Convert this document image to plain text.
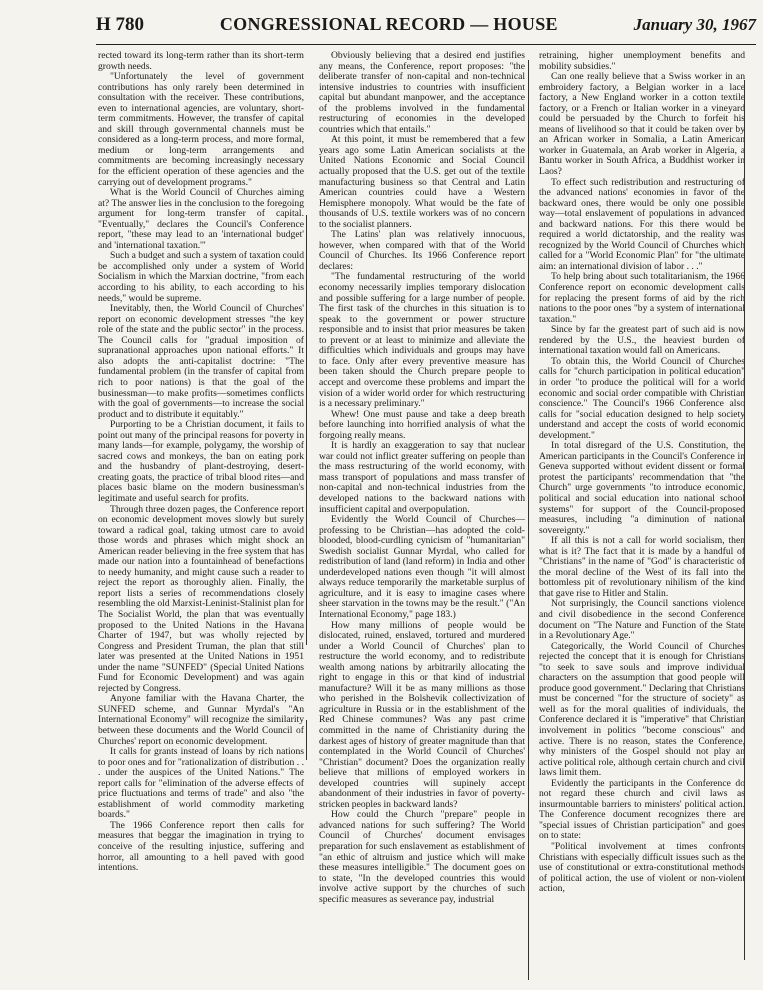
H 780	CONGRESSIONAL RECORD — HOUSE	January 30, 1967

rected toward its long-term rather than its short-term growth needs.

"Unfortunately the level of government contributions has only rarely been determined in consultation with the receiver. These contributions, even to international agencies, are voluntary, short-term commitments. However, the transfer of capital and skill through governmental channels must be considered as a long-term process, and more formal, medium or long-term arrangements and commitments are becoming increasingly necessary for the efficient operation of these agencies and the carrying out of development programs."

What is the World Council of Churches aiming at? The answer lies in the conclusion to the foregoing argument for long-term transfer of capital. "Eventually," declares the Council's Conference report, "these may lead to an 'international budget' and 'international taxation.'"

Such a budget and such a system of taxation could be accomplished only under a system of World Socialism in which the Marxian doctrine, "from each according to his ability, to each according to his needs," would be supreme.

Inevitably, then, the World Council of Churches' report on economic development stresses "the key role of the state and the public sector" in the process. The Council calls for "gradual imposition of supranational approaches upon national efforts." It also adopts the anti-capitalist doctrine: "The fundamental problem (in the transfer of capital from rich to poor nations) is that the goal of the businessman—to make profits—sometimes conflicts with the goal of governments—to increase the social product and to distribute it equitably."

Purporting to be a Christian document, it fails to point out many of the principal reasons for poverty in many lands—for example, polygamy, the worship of sacred cows and monkeys, the ban on eating pork and the husbandry of plant-destroying, desert-creating goats, the practice of tribal blood rites—and places basic blame on the modern businessman's legitimate and useful search for profits.

Through three dozen pages, the Conference report on economic development moves slowly but surely toward a radical goal, taking utmost care to avoid those words and phrases which might shock an American reader believing in the free system that has made our nation into a fountainhead of benefactions to needy humanity, and might cause such a reader to reject the report as thoroughly alien. Finally, the report lists a series of recommendations closely resembling the old Marxist-Leninist-Stalinist plan for The Socialist World, the plan that was eventually proposed to the United Nations in the Havana Charter of 1947, but was wholly rejected by Congress and President Truman, the plan that still later was presented at the United Nations in 1951 under the name "SUNFED" (Special United Nations Fund for Economic Development) and was again rejected by Congress.

Anyone familiar with the Havana Charter, the SUNFED scheme, and Gunnar Myrdal's "An International Economy" will recognize the similarity between these documents and the World Council of Churches' report on economic development.

It calls for grants instead of loans by rich nations to poor ones and for "rationalization of distribution . . . under the auspices of the United Nations." The report calls for "elimination of the adverse effects of price fluctuations and terms of trade" and also "the establishment of world commodity marketing boards."

The 1966 Conference report then calls for measures that beggar the imagination in trying to conceive of the resulting injustice, suffering and horror, all amounting to a hell paved with good intentions.

Obviously believing that a desired end justifies any means, the Conference, report proposes: "the deliberate transfer of non-capital and non-technical intensive industries to countries with insufficient capital but abundant manpower, and the acceptance of the problems involved in the fundamental restructuring of economies in the developed countries which that entails."

At this point, it must be remembered that a few years ago some Latin American socialists at the United Nations Economic and Social Council actually proposed that the U.S. get out of the textile manufacturing business so that Central and Latin American countries could have a Western Hemisphere monopoly. What would be the fate of thousands of U.S. textile workers was of no concern to the socialist planners.

The Latins' plan was relatively innocuous, however, when compared with that of the World Council of Churches. Its 1966 Conference report declares:

"The fundamental restructuring of the world economy necessarily implies temporary dislocation and possible suffering for a large number of people. The first task of the churches in this situation is to speak to the government or power structure responsible and to insist that prior measures be taken to prevent or at least to minimize and alleviate the difficulties which individuals and groups may have to face. Only after every preventive measure has been taken should the Church prepare people to accept and overcome these problems and impart the vision of a wider world order for which restructuring is a necessary preliminary."

Whew! One must pause and take a deep breath before launching into horrified analysis of what the forgoing really means.

It is hardly an exaggeration to say that nuclear war could not inflict greater suffering on people than the mass restructuring of the world economy, with mass transport of populations and mass transfer of non-capital and non-technical industries from the developed nations to the backward nations with insufficient capital and overpopulation.

Evidently the World Council of Churches—professing to be Christian—has adopted the cold-blooded, blood-curdling cynicism of "humanitarian" Swedish socialist Gunnar Myrdal, who called for redistribution of land (land reform) in India and other underdeveloped nations even though "it will almost always reduce temporarily the marketable surplus of agriculture, and it is easy to imagine cases where sheer starvation in the towns may be the result." ("An International Economy," page 183.)

How many millions of people would be dislocated, ruined, enslaved, tortured and murdered under a World Council of Churches' plan to restructure the world economy, and to redistribute wealth among nations by arbitrarily allocating the right to engage in this or that kind of industrial manufacture? Will it be as many millions as those who perished in the Bolshevik collectivization of agriculture in Russia or in the establishment of the Red Chinese communes? Was any past crime committed in the name of Christianity during the darkest ages of history of greater magnitude than that contemplated in the World Council of Churches' "Christian" document? Does the organization really believe that millions of employed workers in developed countries will supinely accept abandonment of their industries in favor of poverty-stricken peoples in backward lands?

How could the Church "prepare" people in advanced nations for such suffering? The World Council of Churches' document envisages preparation for such enslavement as establishment of "an ethic of altruism and justice which will make these measures intelligible." The document goes on to state, "In the developed countries this would involve active support by the churches of such specific measures as severance pay, industrial

retraining, higher unemployment benefits and mobility subsidies."

Can one really believe that a Swiss worker in an embroidery factory, a Belgian worker in a lace factory, a New England worker in a cotton textile factory, or a French or Italian worker in a vineyard could be persuaded by the Church to forfeit his means of livelihood so that it could be taken over by an African worker in Somalia, a Latin American worker in Guatemala, an Arab worker in Algeria, a Bantu worker in South Africa, a Buddhist worker in Laos?

To effect such redistribution and restructuring of the advanced nations' economies in favor of the backward ones, there would be only one possible way—total enslavement of populations in advanced and backward nations. For this there would be required a world dictatorship, and the reality was recognized by the World Council of Churches which called for a "World Economic Plan" for "the ultimate aim: an international division of labor . . ."

To help bring about such totalitarianism, the 1966 Conference report on economic development calls for replacing the present forms of aid by the rich nations to the poor ones "by a system of international taxation."

Since by far the greatest part of such aid is now rendered by the U.S., the heaviest burden of international taxation would fall on Americans.

To obtain this, the World Council of Churches calls for "church participation in political education" in order "to produce the political will for a world economic and social order compatible with Christian conscience." The Council's 1966 Conference also calls for "social education designed to help society understand and accept the costs of world economic development."

In total disregard of the U.S. Constitution, the American participants in the Council's Conference in Geneva supported without evident dissent or formal protest the participants' recommendation that "the Church" urge governments "to introduce economic, political and social education into national school systems" for support of the Council-proposed measures, including "a diminution of national sovereignty."

If all this is not a call for world socialism, then what is it? The fact that it is made by a handful of "Christians" in the name of "God" is characteristic of the moral decline of the West of its fall into the bottomless pit of revolutionary nihilism of the kind that gave rise to Hitler and Stalin.

Not surprisingly, the Council sanctions violence and civil disobedience in the second Conference document on "The Nature and Function of the State in a Revolutionary Age."

Categorically, the World Council of Churches rejected the concept that it is enough for Christians "to seek to save souls and improve individual characters on the assumption that good people will produce good government." Declaring that Christians must be concerned "for the structure of society" as well as for the moral qualities of individuals, the Conference declared it is "imperative" that Christian involvement in politics "become conscious" and active. There is no reason, states the Conference, why ministers of the Gospel should not play an active political role, although certain church and civil laws limit them.

Evidently the participants in the Conference do not regard these church and civil laws as insurmountable barriers to ministers' political action. The Conference document recognizes there are "special issues of Christian participation" and goes on to state:

"Political involvement at times confronts Christians with especially difficult issues such as the use of constitutional or extra-constitutional methods of political action, the use of violent or non-violent action,
